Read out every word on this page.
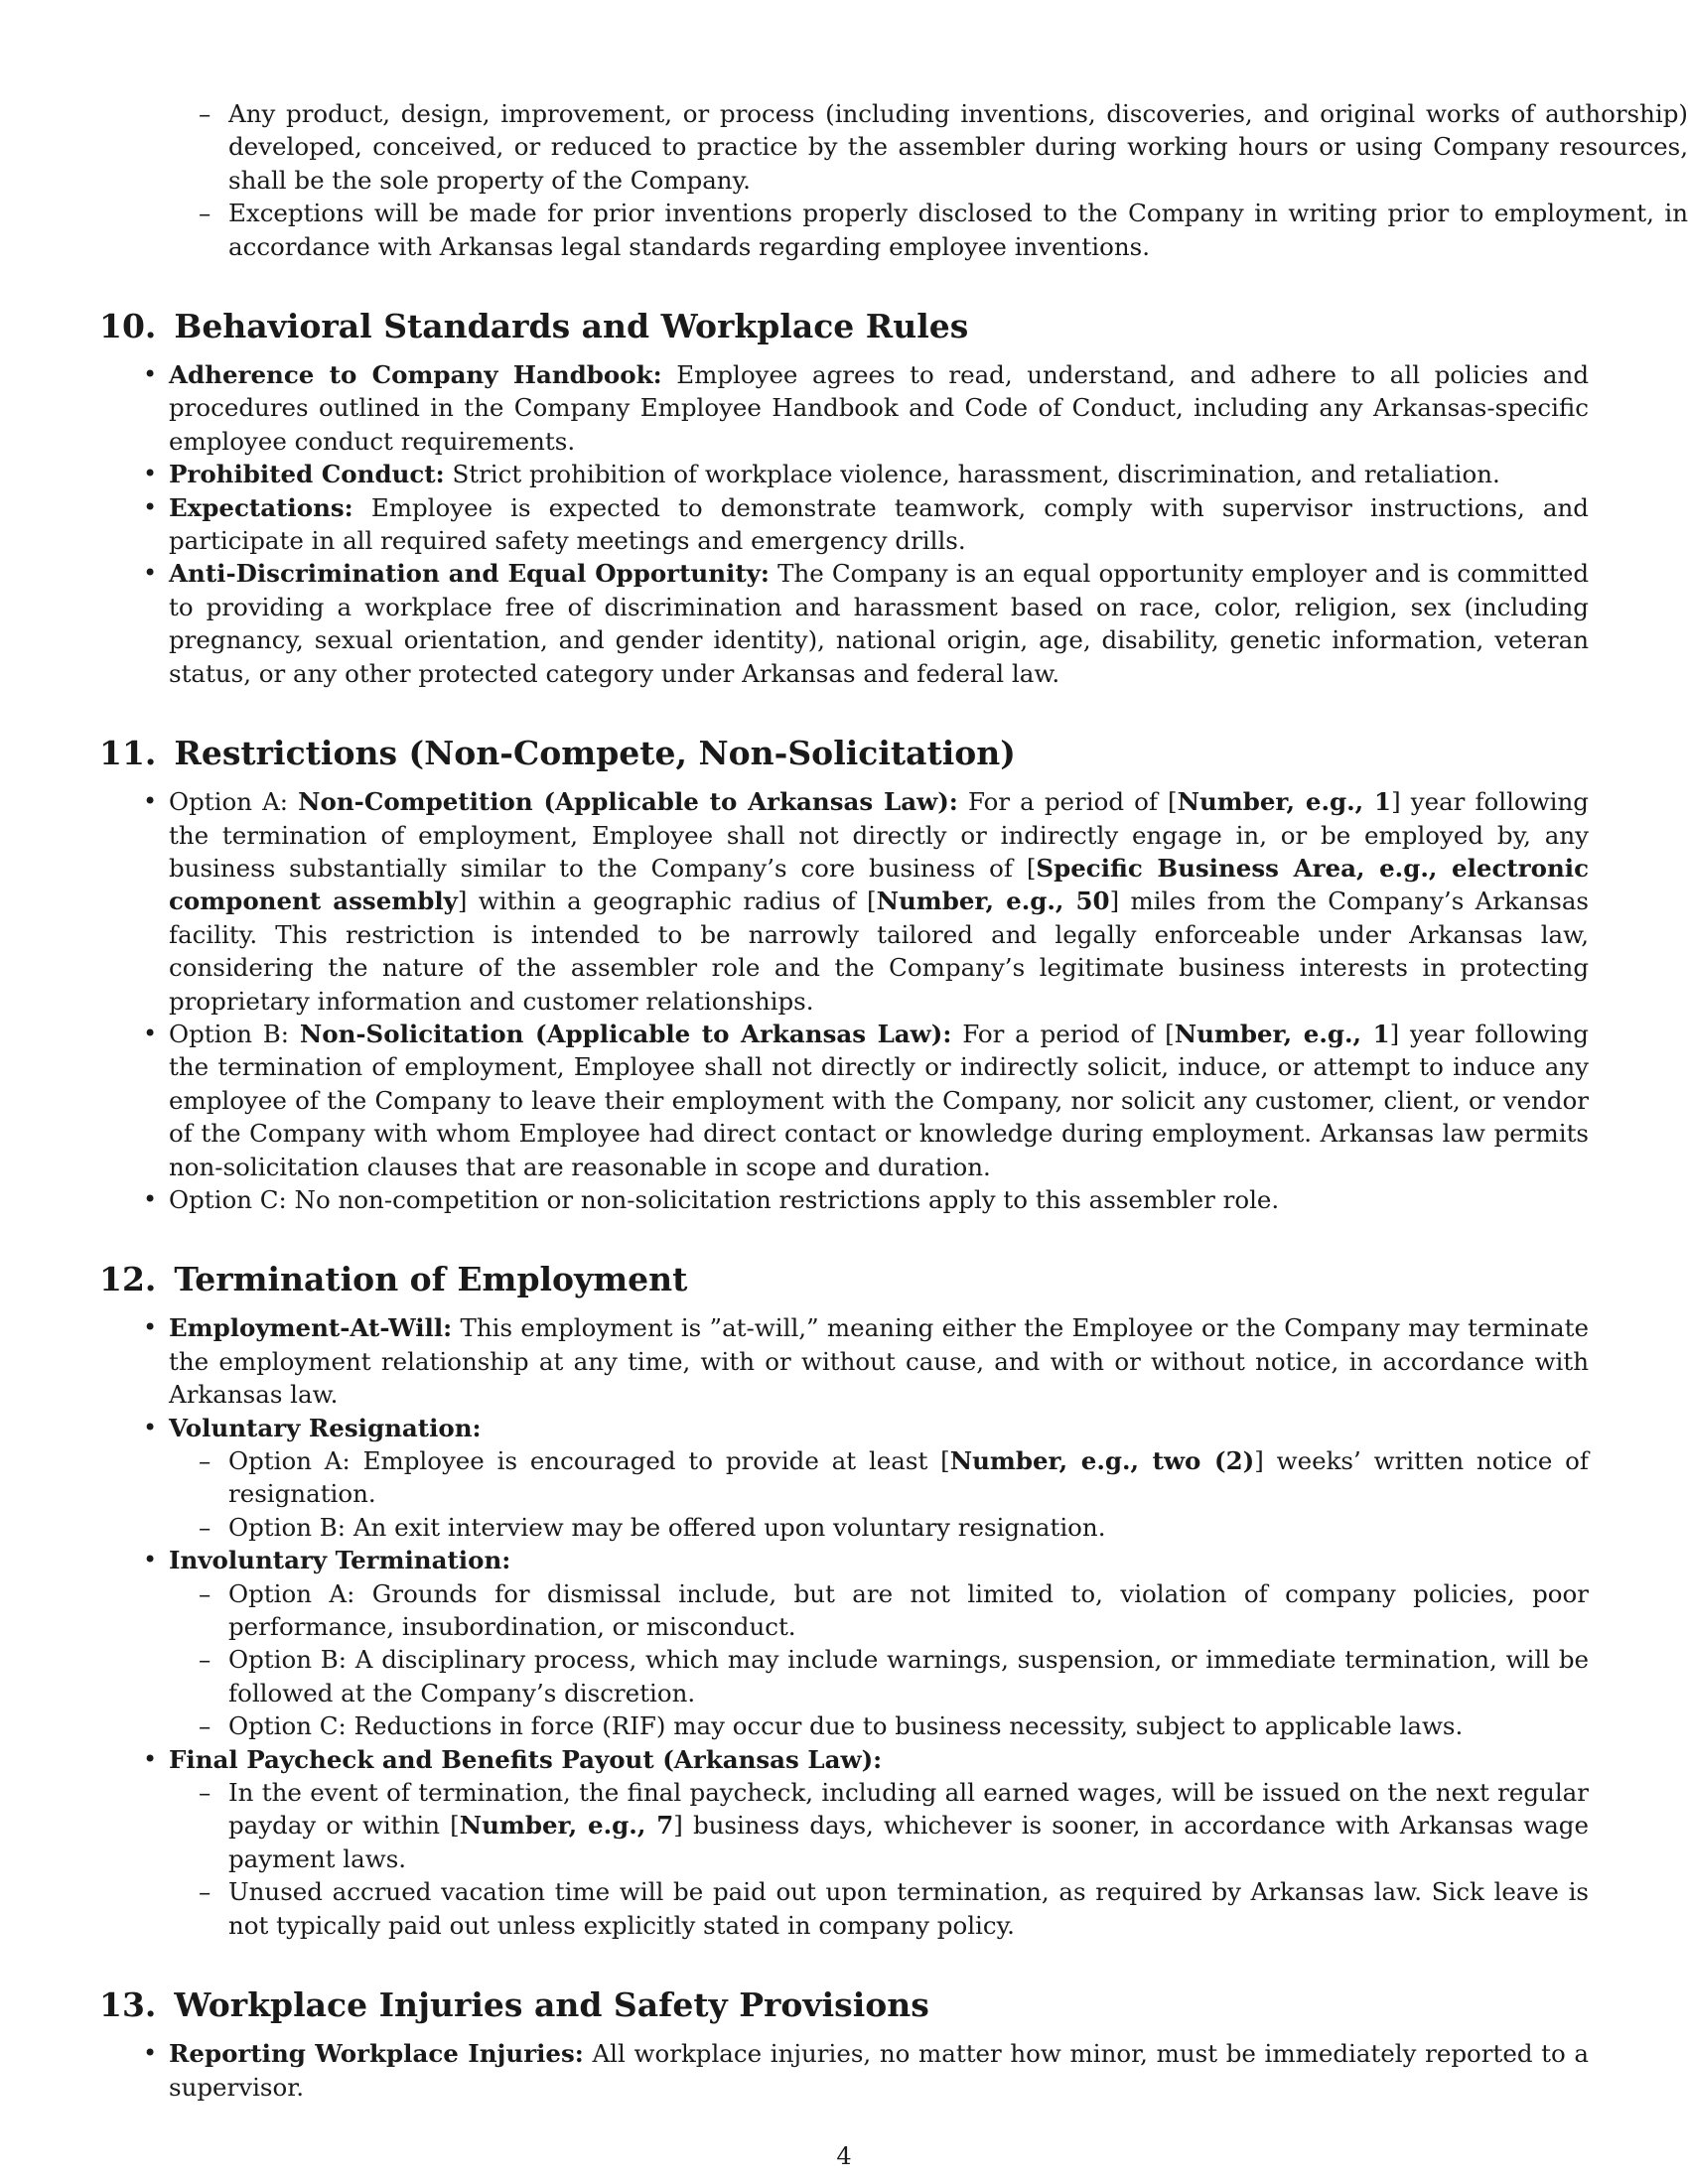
– Any product, design, improvement, or process (including inventions, discoveries, and original works of authorship) developed, conceived, or reduced to practice by the assembler during working hours or using Company resources, shall be the sole property of the Company.
– Exceptions will be made for prior inventions properly disclosed to the Company in writing prior to employment, in accordance with Arkansas legal standards regarding employee inventions.
10. Behavioral Standards and Workplace Rules
• Adherence to Company Handbook: Employee agrees to read, understand, and adhere to all policies and procedures outlined in the Company Employee Handbook and Code of Conduct, including any Arkansas-specific employee conduct requirements.
• Prohibited Conduct: Strict prohibition of workplace violence, harassment, discrimination, and retaliation.
• Expectations: Employee is expected to demonstrate teamwork, comply with supervisor instructions, and participate in all required safety meetings and emergency drills.
• Anti-Discrimination and Equal Opportunity: The Company is an equal opportunity employer and is committed to providing a workplace free of discrimination and harassment based on race, color, religion, sex (including pregnancy, sexual orientation, and gender identity), national origin, age, disability, genetic information, veteran status, or any other protected category under Arkansas and federal law.
11. Restrictions (Non-Compete, Non-Solicitation)
• Option A: Non-Competition (Applicable to Arkansas Law): For a period of [Number, e.g., 1] year following the termination of employment, Employee shall not directly or indirectly engage in, or be employed by, any business substantially similar to the Company’s core business of [Specific Business Area, e.g., electronic component assembly] within a geographic radius of [Number, e.g., 50] miles from the Company’s Arkansas facility. This restriction is intended to be narrowly tailored and legally enforceable under Arkansas law, considering the nature of the assembler role and the Company’s legitimate business interests in protecting proprietary information and customer relationships.
• Option B: Non-Solicitation (Applicable to Arkansas Law): For a period of [Number, e.g., 1] year following the termination of employment, Employee shall not directly or indirectly solicit, induce, or attempt to induce any employee of the Company to leave their employment with the Company, nor solicit any customer, client, or vendor of the Company with whom Employee had direct contact or knowledge during employment. Arkansas law permits non-solicitation clauses that are reasonable in scope and duration.
• Option C: No non-competition or non-solicitation restrictions apply to this assembler role.
12. Termination of Employment
• Employment-At-Will: This employment is ”at-will,” meaning either the Employee or the Company may terminate the employment relationship at any time, with or without cause, and with or without notice, in accordance with Arkansas law.
• Voluntary Resignation:
– Option A: Employee is encouraged to provide at least [Number, e.g., two (2)] weeks’ written notice of resignation.
– Option B: An exit interview may be offered upon voluntary resignation.
• Involuntary Termination:
– Option A: Grounds for dismissal include, but are not limited to, violation of company policies, poor performance, insubordination, or misconduct.
– Option B: A disciplinary process, which may include warnings, suspension, or immediate termination, will be followed at the Company’s discretion.
– Option C: Reductions in force (RIF) may occur due to business necessity, subject to applicable laws.
• Final Paycheck and Benefits Payout (Arkansas Law):
– In the event of termination, the final paycheck, including all earned wages, will be issued on the next regular payday or within [Number, e.g., 7] business days, whichever is sooner, in accordance with Arkansas wage payment laws.
– Unused accrued vacation time will be paid out upon termination, as required by Arkansas law. Sick leave is not typically paid out unless explicitly stated in company policy.
13. Workplace Injuries and Safety Provisions
• Reporting Workplace Injuries: All workplace injuries, no matter how minor, must be immediately reported to a supervisor.
4
